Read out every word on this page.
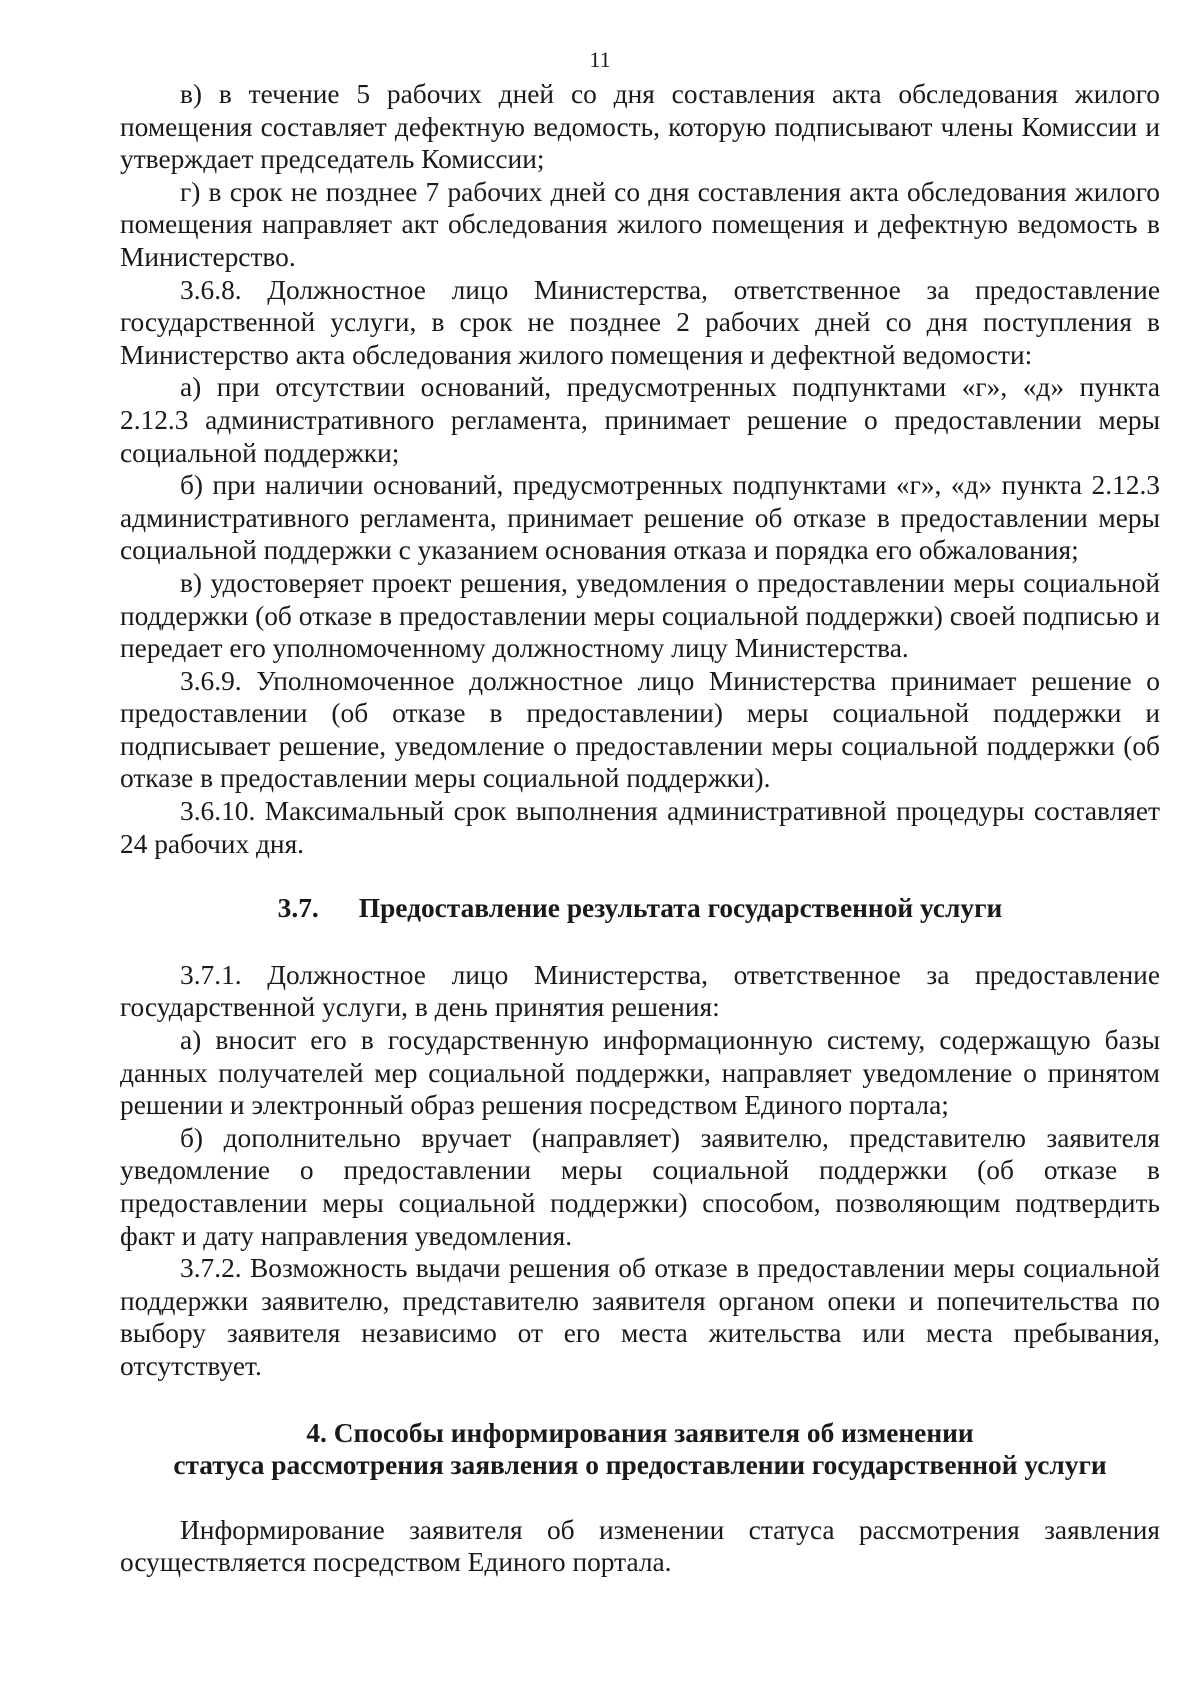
11

в) в течение 5 рабочих дней со дня составления акта обследования жилого помещения составляет дефектную ведомость, которую подписывают члены Комиссии и утверждает председатель Комиссии;

г) в срок не позднее 7 рабочих дней со дня составления акта обследования жилого помещения направляет акт обследования жилого помещения и дефектную ведомость в Министерство.

3.6.8. Должностное лицо Министерства, ответственное за предоставление государственной услуги, в срок не позднее 2 рабочих дней со дня поступления в Министерство акта обследования жилого помещения и дефектной ведомости:

а) при отсутствии оснований, предусмотренных подпунктами «г», «д» пункта 2.12.3 административного регламента, принимает решение о предоставлении меры социальной поддержки;

б) при наличии оснований, предусмотренных подпунктами «г», «д» пункта 2.12.3 административного регламента, принимает решение об отказе в предоставлении меры социальной поддержки с указанием основания отказа и порядка его обжалования;

в) удостоверяет проект решения, уведомления о предоставлении меры социальной поддержки (об отказе в предоставлении меры социальной поддержки) своей подписью и передает его уполномоченному должностному лицу Министерства.

3.6.9. Уполномоченное должностное лицо Министерства принимает решение о предоставлении (об отказе в предоставлении) меры социальной поддержки и подписывает решение, уведомление о предоставлении меры социальной поддержки (об отказе в предоставлении меры социальной поддержки).

3.6.10. Максимальный срок выполнения административной процедуры составляет 24 рабочих дня.

3.7. Предоставление результата государственной услуги

3.7.1. Должностное лицо Министерства, ответственное за предоставление государственной услуги, в день принятия решения:

а) вносит его в государственную информационную систему, содержащую базы данных получателей мер социальной поддержки, направляет уведомление о принятом решении и электронный образ решения посредством Единого портала;

б) дополнительно вручает (направляет) заявителю, представителю заявителя уведомление о предоставлении меры социальной поддержки (об отказе в предоставлении меры социальной поддержки) способом, позволяющим подтвердить факт и дату направления уведомления.

3.7.2. Возможность выдачи решения об отказе в предоставлении меры социальной поддержки заявителю, представителю заявителя органом опеки и попечительства по выбору заявителя независимо от его места жительства или места пребывания, отсутствует.

4. Способы информирования заявителя об изменении
статуса рассмотрения заявления о предоставлении государственной услуги

Информирование заявителя об изменении статуса рассмотрения заявления осуществляется посредством Единого портала.
